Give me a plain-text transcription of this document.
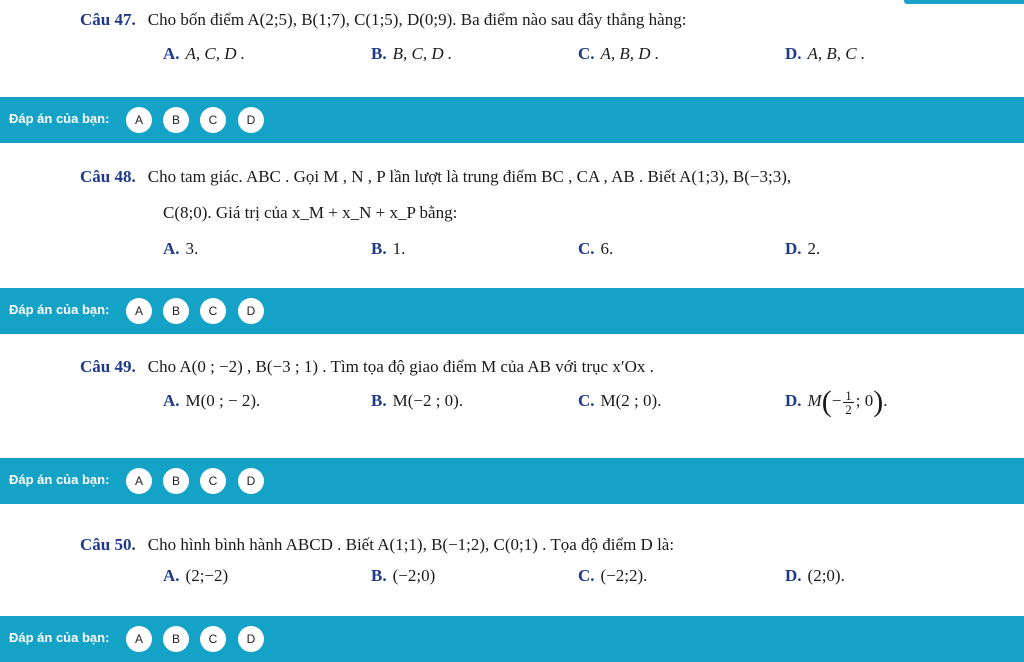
Câu 47. Cho bốn điểm A(2;5), B(1;7), C(1;5), D(0;9). Ba điểm nào sau đây thẳng hàng:
A. A, C, D .	B. B, C, D .	C. A, B, D .	D. A, B, C .
Đáp án của bạn:	A	B	C	D
Câu 48. Cho tam giác. ABC . Gọi M , N , P lần lượt là trung điểm BC , CA , AB . Biết A(1;3), B(−3;3),
C(8;0). Giá trị của x_M + x_N + x_P bằng:
A. 3.	B. 1.	C. 6.	D. 2.
Đáp án của bạn:	A	B	C	D
Câu 49. Cho A(0 ; −2) , B(−3 ; 1) . Tìm tọa độ giao điểm M của AB với trục x′Ox .
A. M(0 ; − 2).	B. M(−2 ; 0).	C. M(2 ; 0).	D. $M(- \frac{1}{2}$ ; 0).
Đáp án của bạn:	A	B	C	D
Câu 50. Cho hình bình hành ABCD . Biết A(1;1), B(−1;2), C(0;1) . Tọa độ điểm D là:
A. (2;−2)	B. (−2;0)	C. (−2;2).	D. (2;0).
Đáp án của bạn:	A	B	C	D
